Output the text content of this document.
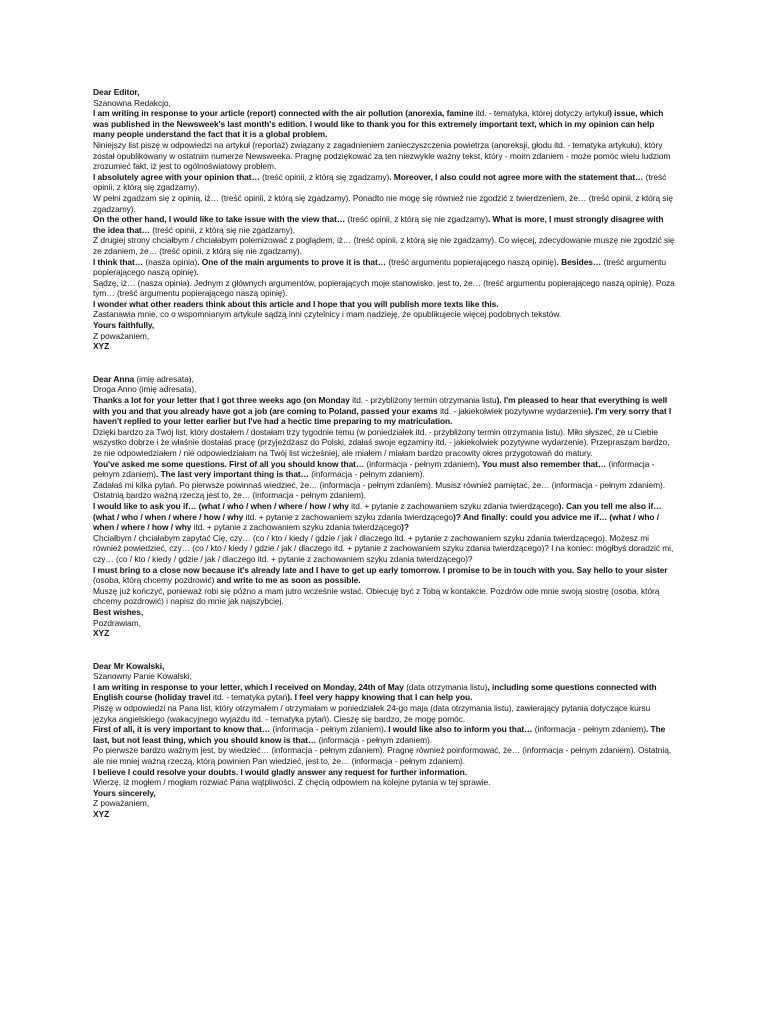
Dear Editor,

Szanowna Redakcjo,

I am writing in response to your article (report) connected with the air pollution (anorexia, famine itd. - tematyka, której dotyczy artykuł) issue, which was published in the Newsweek's last month's edition. I would like to thank you for this extremely important text, which in my opinion can help many people understand the fact that it is a global problem.

Niniejszy list piszę w odpowiedzi na artykuł (reportaż) związany z zagadnieniem zanieczyszczenia powietrza (anoreksji, głodu itd. - tematyka artykułu), który został opublikowany w ostatnim numerze Newsweeka. Pragnę podziękować za ten niezwykle ważny tekst, który - moim zdaniem - może pomóc wielu ludziom zrozumieć fakt, iż jest to ogólnoświatowy problem.

I absolutely agree with your opinion that… (treść opinii, z którą się zgadzamy). Moreover, I also could not agree more with the statement that… (treść opinii, z którą się zgadzamy).

W pełni zgadzam się z opinią, iż… (treść opinii, z którą się zgadzamy). Ponadto nie mogę się również nie zgodzić z twierdzeniem, że… (treść opinii, z którą się zgadzamy).

On the other hand, I would like to take issue with the view that… (treść opinii, z którą się nie zgadzamy). What is more, I must strongly disagree with the idea that… (treść opinii, z którą się nie zgadzamy).

Z drugiej strony chciałbym / chciałabym polemizować z poglądem, iż… (treść opinii, z którą się nie zgadzamy). Co więcej, zdecydowanie muszę nie zgodzić się ze zdaniem, że… (treść opinii, z którą się nie zgadzamy).

I think that… (nasza opinia). One of the main arguments to prove it is that… (treść argumentu popierającego naszą opinię). Besides… (treść argumentu popierającego naszą opinię).

Sądzę, iż… (nasza opinia). Jednym z głównych argumentów, popierających moje stanowisko, jest to, że… (treść argumentu popierającego naszą opinię). Poza tym… (treść argumentu popierającego naszą opinię).

I wonder what other readers think about this article and I hope that you will publish more texts like this.

Zastanawia mnie, co o wspomnianym artykule sądzą inni czytelnicy i mam nadzieję, że opublikujecie więcej podobnych tekstów.

Yours faithfully,

Z poważaniem,

XYZ

Dear Anna (imię adresata),

Droga Anno (imię adresata),

Thanks a lot for your letter that I got three weeks ago (on Monday itd. - przybliżony termin otrzymania listu). I'm pleased to hear that everything is well with you and that you already have got a job (are coming to Poland, passed your exams itd. - jakiekolwiek pozytywne wydarzenie). I'm very sorry that I haven't replied to your letter earlier but I've had a hectic time preparing to my matriculation.

Dzięki bardzo za Twój list, który dostałem / dostałam trzy tygodnie temu (w poniedziałek itd. - przybliżony termin otrzymania listu). Miło słyszeć, że u Ciebie wszystko dobrze i że właśnie dostałaś pracę (przyjeżdżasz do Polski, zdałaś swoje egzaminy itd. - jakiekolwiek pozytywne wydarzenie). Przepraszam bardzo, że nie odpowiedziałem / nie odpowiedziałam na Twój list wcześniej, ale miałem / miałam bardzo pracowity okres przygotowań do matury.

You've asked me some questions. First of all you should know that… (informacja - pełnym zdaniem). You must also remember that… (informacja - pełnym zdaniem). The last very important thing is that… (informacja - pełnym zdaniem).

Zadałaś mi kilka pytań. Po pierwsze powinnaś wiedzieć, że… (informacja - pełnym zdaniem). Musisz również pamiętać, że… (informacja - pełnym zdaniem). Ostatnią bardzo ważną rzeczą jest to, że… (informacja - pełnym zdaniem).

I would like to ask you if… (what / who / when / where / how / why itd. + pytanie z zachowaniem szyku zdania twierdzącego). Can you tell me also if… (what / who / when / where / how / why itd. + pytanie z zachowaniem szyku zdania twierdzącego)? And finally: could you advice me if… (what / who / when / where / how / why itd. + pytanie z zachowaniem szyku zdania twierdzącego)?

Chciałbym / chciałabym zapytać Cię, czy… (co / kto / kiedy / gdzie / jak / dlaczego itd. + pytanie z zachowaniem szyku zdania twierdzącego). Możesz mi również powiedzieć, czy… (co / kto / kiedy / gdzie / jak / dlaczego itd. + pytanie z zachowaniem szyku zdania twierdzącego)? I na koniec: mógłbyś doradzić mi, czy… (co / kto / kiedy / gdzie / jak / dlaczego itd. + pytanie z zachowaniem szyku zdania twierdzącego)?

I must bring to a close now because it's already late and I have to get up early tomorrow. I promise to be in touch with you. Say hello to your sister (osoba, którą chcemy pozdrowić) and write to me as soon as possible.

Muszę już kończyć, ponieważ robi się późno a mam jutro wcześnie wstać. Obiecuję być z Tobą w kontakcie. Pozdrów ode mnie swoją siostrę (osoba, którą chcemy pozdrowić) i napisz do mnie jak najszybciej.

Best wishes,

Pozdrawiam,

XYZ

Dear Mr Kowalski,

Szanowny Panie Kowalski,

I am writing in response to your letter, which I received on Monday, 24th of May (data otrzymania listu), including some questions connected with English course (holiday travel itd. - tematyka pytań). I feel very happy knowing that I can help you.

Piszę w odpowiedzi na Pana list, który otrzymałem / otrzymałam w poniedziałek 24-go maja (data otrzymania listu), zawierający pytania dotyczące kursu języka angielskiego (wakacyjnego wyjazdu itd. - tematyka pytań). Cieszę się bardzo, że mogę pomóc.

First of all, it is very important to know that… (informacja - pełnym zdaniem). I would like also to inform you that… (informacja - pełnym zdaniem). The last, but not least thing, which you should know is that… (informacja - pełnym zdaniem).

Po pierwsze bardzo ważnym jest, by wiedzieć… (informacja - pełnym zdaniem). Pragnę również poinformować, że… (informacja - pełnym zdaniem). Ostatnią, ale nie mniej ważną rzeczą, którą powinien Pan wiedzieć, jest to, że… (informacja - pełnym zdaniem).

I believe I could resolve your doubts. I would gladly answer any request for further information.

Wierzę, iż mogłem / mogłam rozwiać Pana wątpliwości. Z chęcią odpowiem na kolejne pytania w tej sprawie.

Yours sincerely,

Z poważaniem,

XYZ
